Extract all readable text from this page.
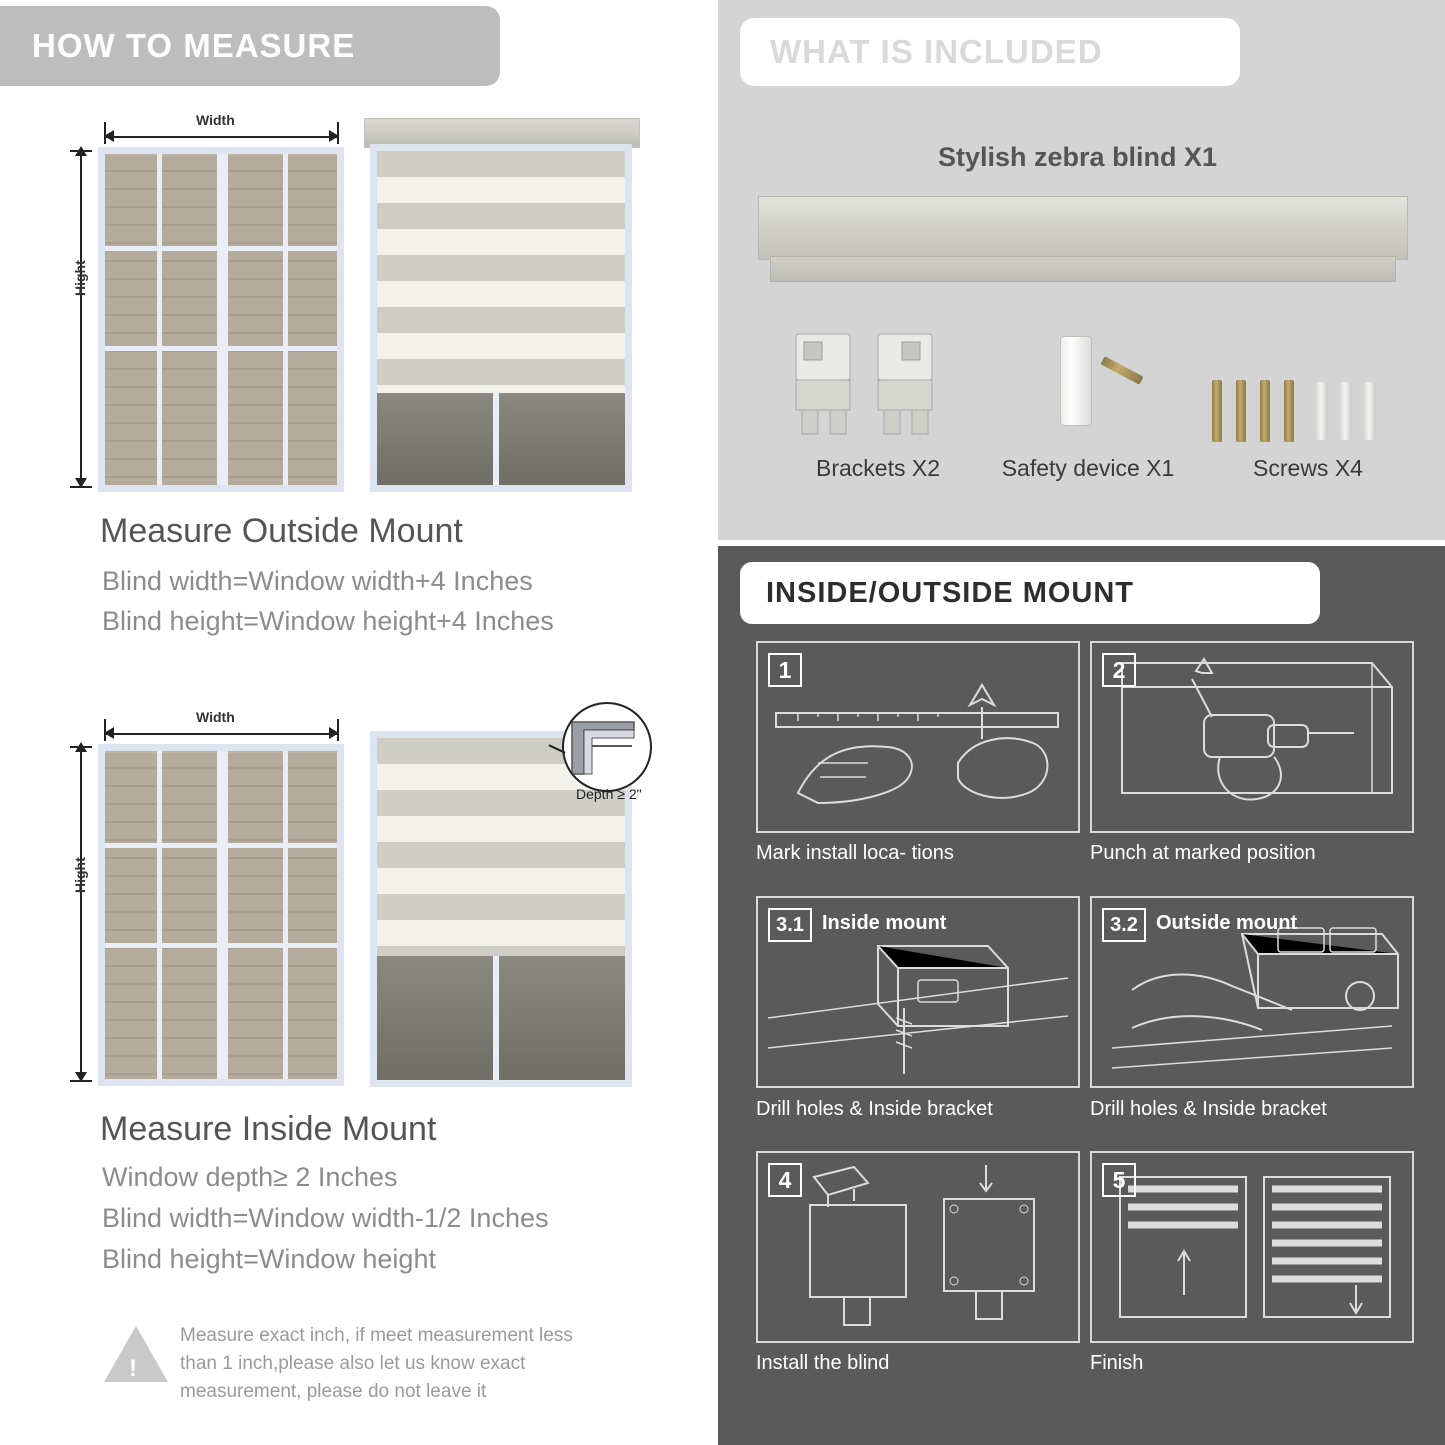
HOW TO MEASURE
Width
Hight
Measure Outside Mount
Blind width=Window width+4 Inches
Blind height=Window height+4 Inches
Width
Hight
Depth ≥ 2"
Measure Inside Mount
Window depth≥ 2 Inches
Blind width=Window width-1/2 Inches
Blind height=Window height
!
Measure exact inch, if meet measurement less than 1 inch,please also let us know exact measurement, please do not leave it
WHAT IS INCLUDED
Stylish zebra blind X1
Brackets X2	Safety device X1	Screws X4
INSIDE/OUTSIDE MOUNT
1
Mark install loca- tions
2
Punch at marked position
3.1 Inside mount
Drill holes & Inside bracket
3.2 Outside mount
Drill holes & Inside bracket
4
Install the blind
5
Finish
